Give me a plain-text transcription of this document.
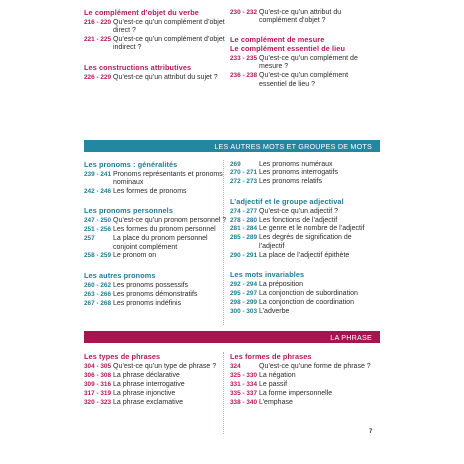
Le complément d’objet du verbe
216 - 220 Qu’est-ce qu’un complément d’objet direct ?
221 - 225 Qu’est-ce qu’un complément d’objet indirect ?
Les constructions attributives
226 - 229 Qu’est-ce qu’un attribut du sujet ?
230 - 232 Qu’est-ce qu’un attribut du complément d’objet ?
Le complément de mesure
Le complément essentiel de lieu
233 - 235 Qu’est-ce qu’un complément de mesure ?
236 - 238 Qu’est-ce qu’un complément essentiel de lieu ?
LES AUTRES MOTS ET GROUPES DE MOTS
Les pronoms : généralités
239 - 241 Pronoms représentants et pronoms nominaux
242 - 246 Les formes de pronoms
Les pronoms personnels
247 - 250 Qu’est-ce qu’un pronom personnel ?
251 - 256 Les formes du pronom personnel
257	La place du pronom personnel conjoint complément
258 - 259 Le pronom on
Les autres pronoms
260 - 262 Les pronoms possessifs
263 - 266 Les pronoms démonstratifs
267 - 268 Les pronoms indéfinis
269	Les pronoms numéraux
270 - 271 Les pronoms interrogatifs
272 - 273 Les pronoms relatifs
L’adjectif et le groupe adjectival
274 - 277 Qu’est-ce qu’un adjectif ?
278 - 280 Les fonctions de l’adjectif
281 - 284 Le genre et le nombre de l’adjectif
285 - 289 Les degrés de signification de l’adjectif
290 - 291 La place de l’adjectif épithète
Les mots invariables
292 - 294 La préposition
295 - 297 La conjonction de subordination
298 - 299 La conjonction de coordination
300 - 303 L’adverbe
LA PHRASE
Les types de phrases
304 - 305 Qu’est-ce qu’un type de phrase ?
306 - 308 La phrase déclarative
309 - 316 La phrase interrogative
317 - 319 La phrase injonctive
320 - 323 La phrase exclamative
Les formes de phrases
324	Qu’est-ce qu’une forme de phrase ?
325 - 330 La négation
331 - 334 Le passif
335 - 337 La forme impersonnelle
338 - 340 L’emphase
7
